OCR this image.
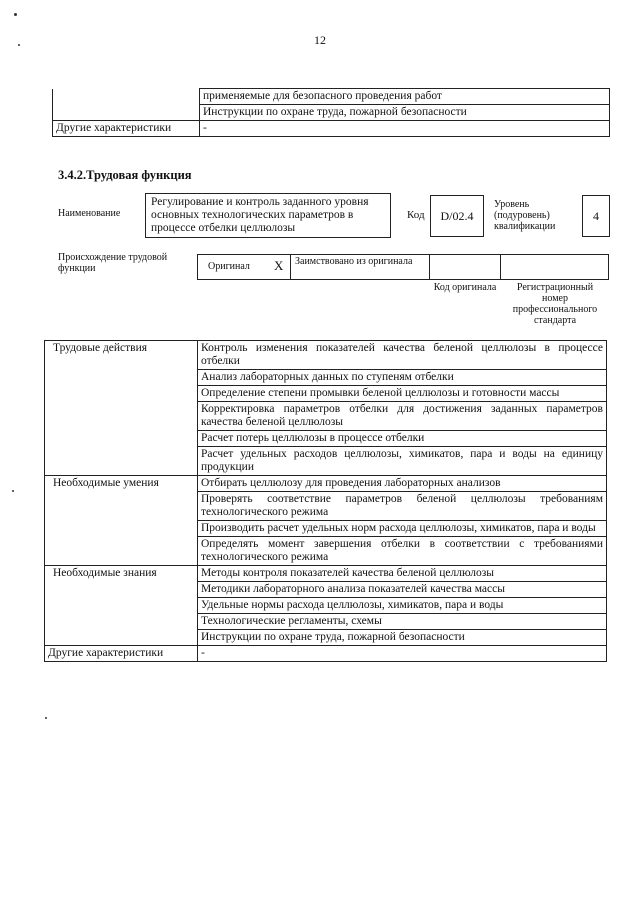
12
	применяемые для безопасного проведения работ
	Инструкции по охране труда, пожарной безопасности
Другие характеристики	-
3.4.2.Трудовая функция
Наименование
Регулирование и контроль заданного уровня основных технологических параметров в процессе отбелки целлюлозы
Код D/02.4
Уровень (подуровень) квалификации
4
Происхождение трудовой функции	Оригинал X Заимствовано из оригинала
Код оригинала	Регистрационный номер профессионального стандарта
Трудовые действия	Контроль изменения показателей качества беленой целлюлозы в процессе отбелки
	Анализ лабораторных данных по ступеням отбелки
	Определение степени промывки беленой целлюлозы и готовности массы
	Корректировка параметров отбелки для достижения заданных параметров качества беленой целлюлозы
	Расчет потерь целлюлозы в процессе отбелки
	Расчет удельных расходов целлюлозы, химикатов, пара и воды на единицу продукции
Необходимые умения	Отбирать целлюлозу для проведения лабораторных анализов
	Проверять соответствие параметров беленой целлюлозы требованиям технологического режима
	Производить расчет удельных норм расхода целлюлозы, химикатов, пара и воды
	Определять момент завершения отбелки в соответствии с требованиями технологического режима
Необходимые знания	Методы контроля показателей качества беленой целлюлозы
	Методики лабораторного анализа показателей качества массы
	Удельные нормы расхода целлюлозы, химикатов, пара и воды
	Технологические регламенты, схемы
	Инструкции по охране труда, пожарной безопасности
Другие характеристики	-
